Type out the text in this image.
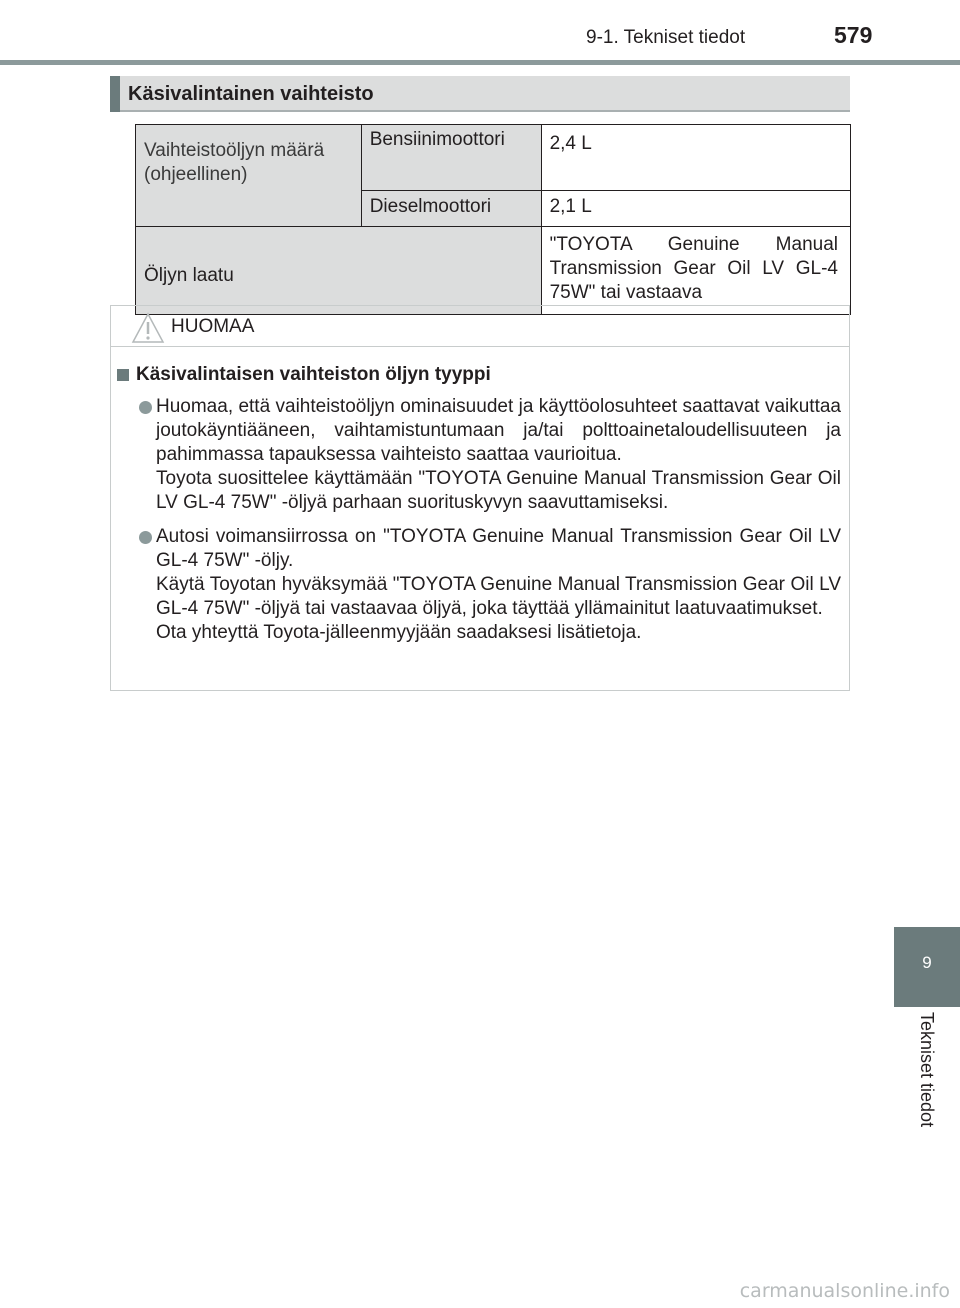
9-1. Tekniset tiedot	579
Käsivalintainen vaihteisto
Vaihteistoöljyn määrä (ohjeellinen)	Bensiinimoottori	2,4 L
	Dieselmoottori	2,1 L
Öljyn laatu		"TOYOTA Genuine Manual Transmission Gear Oil LV GL-4 75W" tai vastaava
HUOMAA
Käsivalintaisen vaihteiston öljyn tyyppi

Huomaa, että vaihteistoöljyn ominaisuudet ja käyttöolosuhteet saattavat vaikuttaa joutokäyntiääneen, vaihtamistuntumaan ja/tai polttoainetaloudellisuuteen ja pahimmassa tapauksessa vaihteisto saattaa vaurioitua.

Toyota suosittelee käyttämään "TOYOTA Genuine Manual Transmission Gear Oil LV GL-4 75W" -öljyä parhaan suorituskyvyn saavuttamiseksi.

Autosi voimansiirrossa on "TOYOTA Genuine Manual Transmission Gear Oil LV GL-4 75W" -öljy.

Käytä Toyotan hyväksymää "TOYOTA Genuine Manual Transmission Gear Oil LV GL-4 75W" -öljyä tai vastaavaa öljyä, joka täyttää yllämainitut laatuvaatimukset.

Ota yhteyttä Toyota-jälleenmyyjään saadaksesi lisätietoja.

9
Tekniset tiedot
carmanualsonline.info
